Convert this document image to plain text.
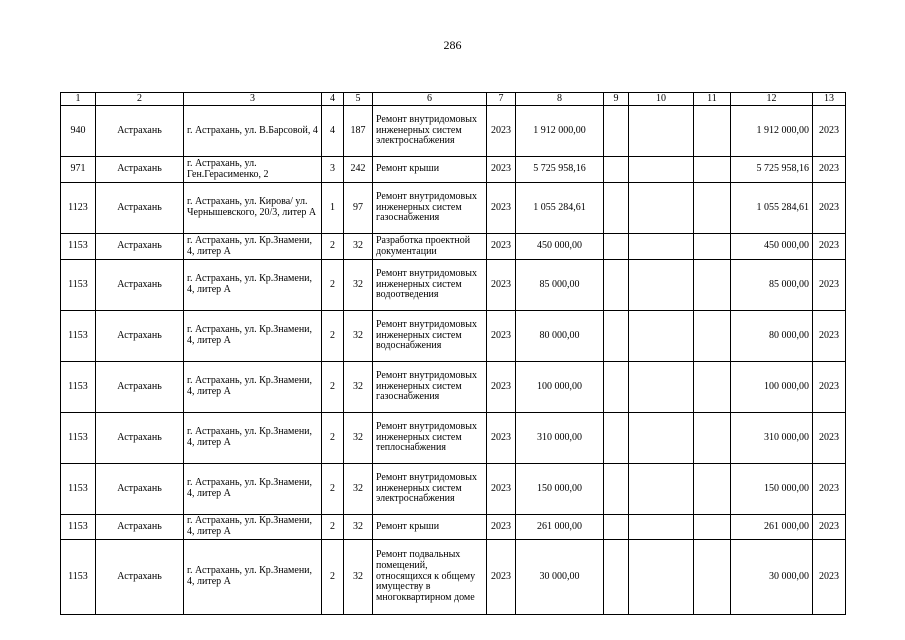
286
1	2	3	4	5	6	7	8	9	10	11	12	13
940	Астрахань	г. Астрахань, ул. В.Барсовой, 4	4	187	Ремонт внутридомовых инженерных систем электроснабжения	2023	1 912 000,00				1 912 000,00	2023
971	Астрахань	г. Астрахань, ул. Ген.Герасименко, 2	3	242	Ремонт крыши	2023	5 725 958,16				5 725 958,16	2023
1123	Астрахань	г. Астрахань, ул. Кирова/ ул. Чернышевского, 20/3, литер А	1	97	Ремонт внутридомовых инженерных систем газоснабжения	2023	1 055 284,61				1 055 284,61	2023
1153	Астрахань	г. Астрахань, ул. Кр.Знамени, 4, литер А	2	32	Разработка проектной документации	2023	450 000,00				450 000,00	2023
1153	Астрахань	г. Астрахань, ул. Кр.Знамени, 4, литер А	2	32	Ремонт внутридомовых инженерных систем водоотведения	2023	85 000,00				85 000,00	2023
1153	Астрахань	г. Астрахань, ул. Кр.Знамени, 4, литер А	2	32	Ремонт внутридомовых инженерных систем водоснабжения	2023	80 000,00				80 000,00	2023
1153	Астрахань	г. Астрахань, ул. Кр.Знамени, 4, литер А	2	32	Ремонт внутридомовых инженерных систем газоснабжения	2023	100 000,00				100 000,00	2023
1153	Астрахань	г. Астрахань, ул. Кр.Знамени, 4, литер А	2	32	Ремонт внутридомовых инженерных систем теплоснабжения	2023	310 000,00				310 000,00	2023
1153	Астрахань	г. Астрахань, ул. Кр.Знамени, 4, литер А	2	32	Ремонт внутридомовых инженерных систем электроснабжения	2023	150 000,00				150 000,00	2023
1153	Астрахань	г. Астрахань, ул. Кр.Знамени, 4, литер А	2	32	Ремонт крыши	2023	261 000,00				261 000,00	2023
1153	Астрахань	г. Астрахань, ул. Кр.Знамени, 4, литер А	2	32	Ремонт подвальных помещений, относящихся к общему имуществу в многоквартирном доме	2023	30 000,00				30 000,00	2023
